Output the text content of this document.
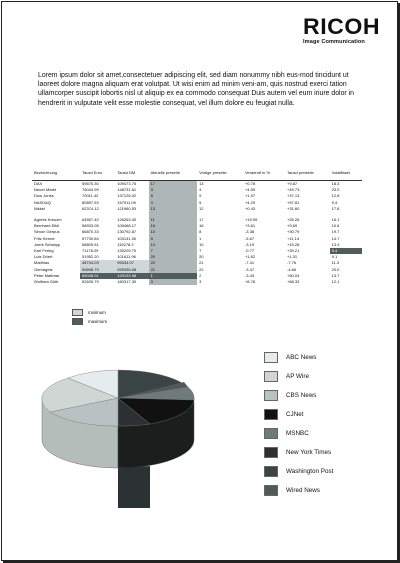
RICOH
Image Communication
Lorem ipsum dolor sit amet,consectetuer adipiscing elit, sed diam nonummy nibh eus-mod tincidunt ut laoreet dolore magna aliquam erat volutpat. Ut wisi enim ad minim veni-am, quis nostrud exerci tation ullamcorper suscipit lobortis nisl ut aliquip ex ea commodo consequat Duis autem vel eum iriure dolor in hendrerit in vulputate velit esse molestie consequat, vel illum dolore eu feugiat nulla.
Bezeichnung	Tausd Euro	Tausd DM	Aktuelle preseile	Vortige preseile	Veraendt in %	Tausd preiseile	Volatilitaet
DAX	59675.30	109473.75	17	13	+0.78	+9.87	18.3
Neuer Markt	76044.99	148731.61	3	4	+4.59	+49.73	23.0
Dow Jones	70011.42	137126.02	8	9	+1.97	+37.13	12.8
NASDAQ	80897.53	157911.09	4	5	+4.29	+57.81	9.4
Nikkei	62374.12	121960.53	13	12	+0.43	+31.60	17.8

Agrees Kreuzm	64557.40	126263.30	11	17	+19.95	+26.26	16.1
Bernhard Elbil	58933.05	109468.17	16	16	+3.61	+9.69	10.6
Simon Gerpus	66870.33	130792.87	10	8	-3.38	+30.79	19.7
Fritz Kerner	57730.84	103141.00	5	1	-5.67	+11.14	14.7
Joerk Schwipp	58609.51	115278.2	14	10	-3.19	+15.28	13.3
Karl Ferleg	71178.29	139209.70	7	7	-0.77	+39.21	9.4
Lutz Döert	51952.20	101611.96	20	20	+1.62	+1.31	9.1
Matthias	48744.03	95334.07	22	21	-7.41	-7.76	11.3
Gerhagels	50698.79	099335.08	21	22	-3.47	-4.66	20.0
Peter Mattmar	66048.01	129133.98	1	2	-3.43	+50.04	13.7
Wolfram Gölb	52639.79	160317.30	3	3	+8.78	+68.33	12.1
minimum
maximum
ABC News
AP Wire
CBS News
CJNet
MSNBC
New York Times
Washington Post
Wired News
